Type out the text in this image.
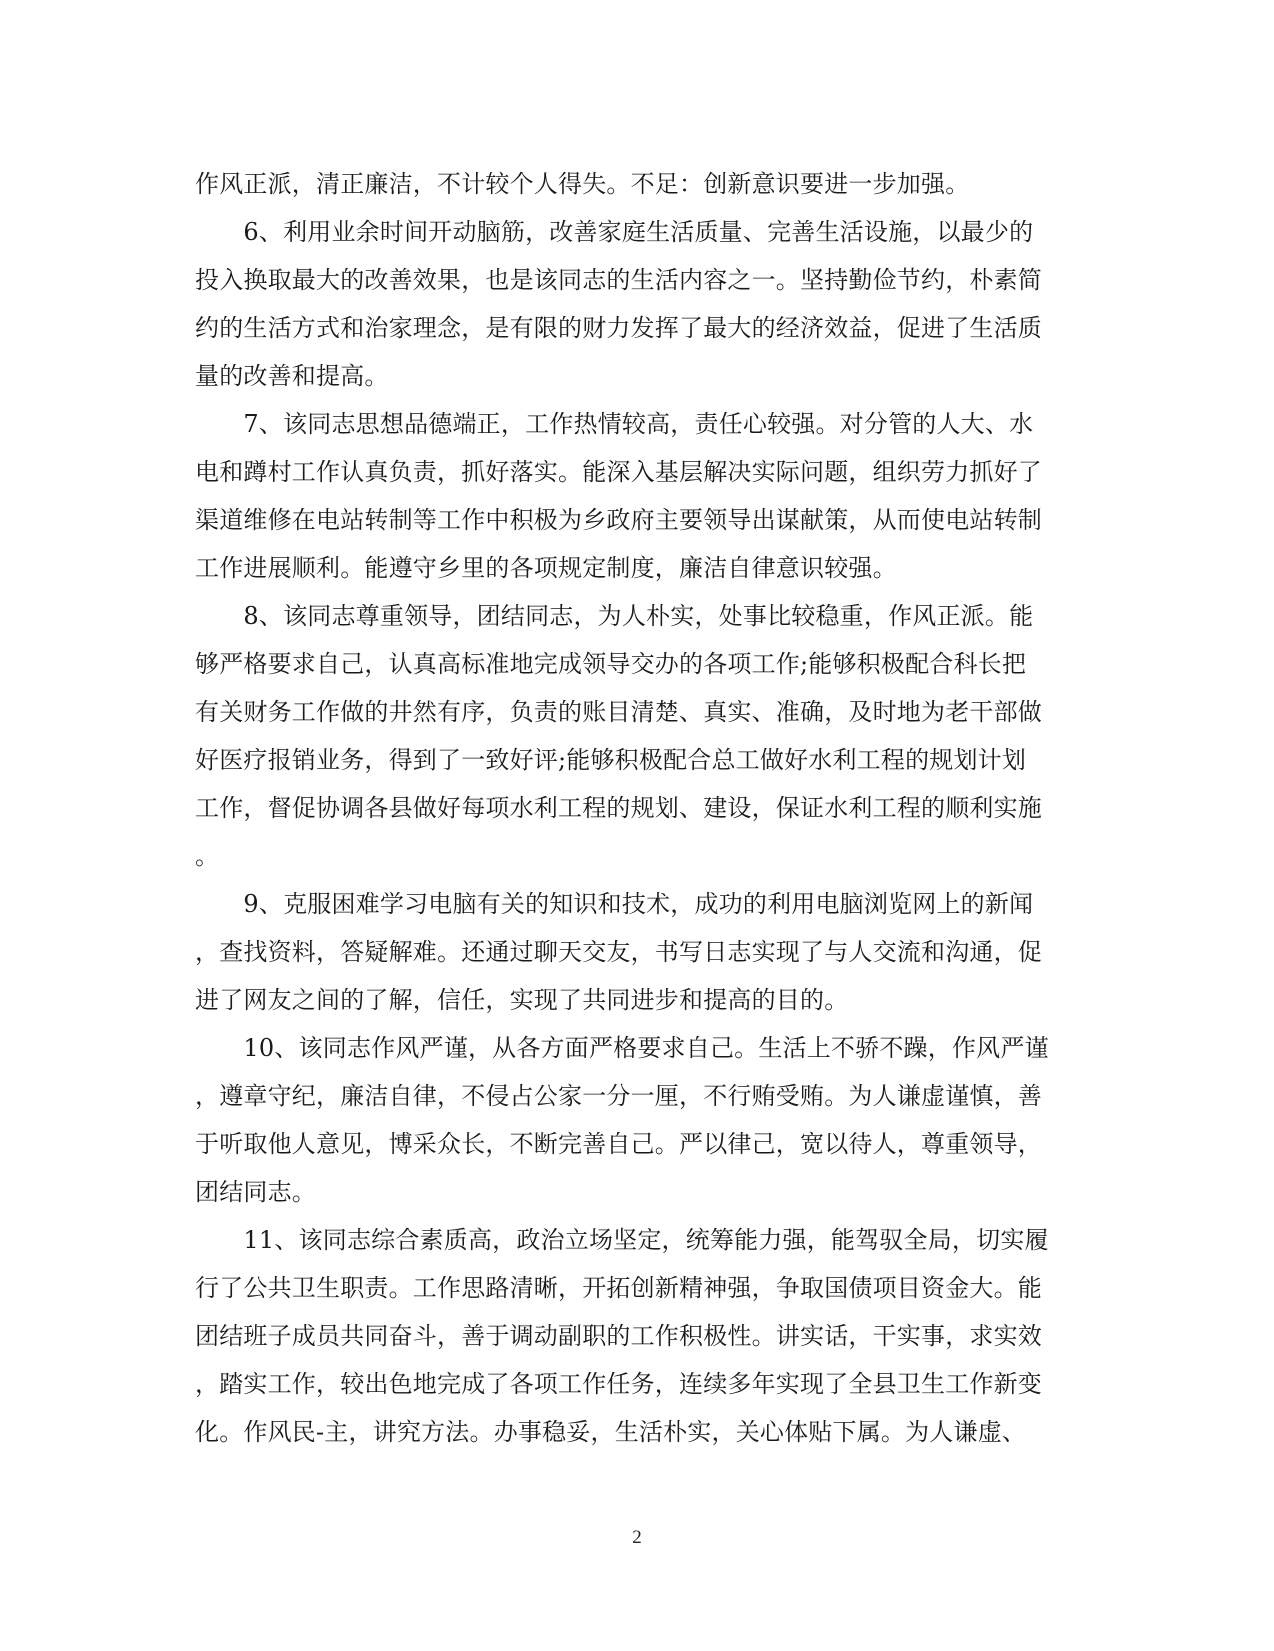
作风正派，清正廉洁，不计较个人得失。不足：创新意识要进一步加强。

　　6、利用业余时间开动脑筋，改善家庭生活质量、完善生活设施，以最少的

投入换取最大的改善效果，也是该同志的生活内容之一。坚持勤俭节约，朴素简

约的生活方式和治家理念，是有限的财力发挥了最大的经济效益，促进了生活质

量的改善和提高。

　　7、该同志思想品德端正，工作热情较高，责任心较强。对分管的人大、水

电和蹲村工作认真负责，抓好落实。能深入基层解决实际问题，组织劳力抓好了

渠道维修在电站转制等工作中积极为乡政府主要领导出谋献策，从而使电站转制

工作进展顺利。能遵守乡里的各项规定制度，廉洁自律意识较强。

　　8、该同志尊重领导，团结同志，为人朴实，处事比较稳重，作风正派。能

够严格要求自己，认真高标准地完成领导交办的各项工作;能够积极配合科长把

有关财务工作做的井然有序，负责的账目清楚、真实、准确，及时地为老干部做

好医疗报销业务，得到了一致好评;能够积极配合总工做好水利工程的规划计划

工作，督促协调各县做好每项水利工程的规划、建设，保证水利工程的顺利实施

。

　　9、克服困难学习电脑有关的知识和技术，成功的利用电脑浏览网上的新闻

，查找资料，答疑解难。还通过聊天交友，书写日志实现了与人交流和沟通，促

进了网友之间的了解，信任，实现了共同进步和提高的目的。

　　10、该同志作风严谨，从各方面严格要求自己。生活上不骄不躁，作风严谨

，遵章守纪，廉洁自律，不侵占公家一分一厘，不行贿受贿。为人谦虚谨慎，善

于听取他人意见，博采众长，不断完善自己。严以律己，宽以待人，尊重领导，

团结同志。

　　11、该同志综合素质高，政治立场坚定，统筹能力强，能驾驭全局，切实履

行了公共卫生职责。工作思路清晰，开拓创新精神强，争取国债项目资金大。能

团结班子成员共同奋斗，善于调动副职的工作积极性。讲实话，干实事，求实效

，踏实工作，较出色地完成了各项工作任务，连续多年实现了全县卫生工作新变

化。作风民-主，讲究方法。办事稳妥，生活朴实，关心体贴下属。为人谦虚、

2
